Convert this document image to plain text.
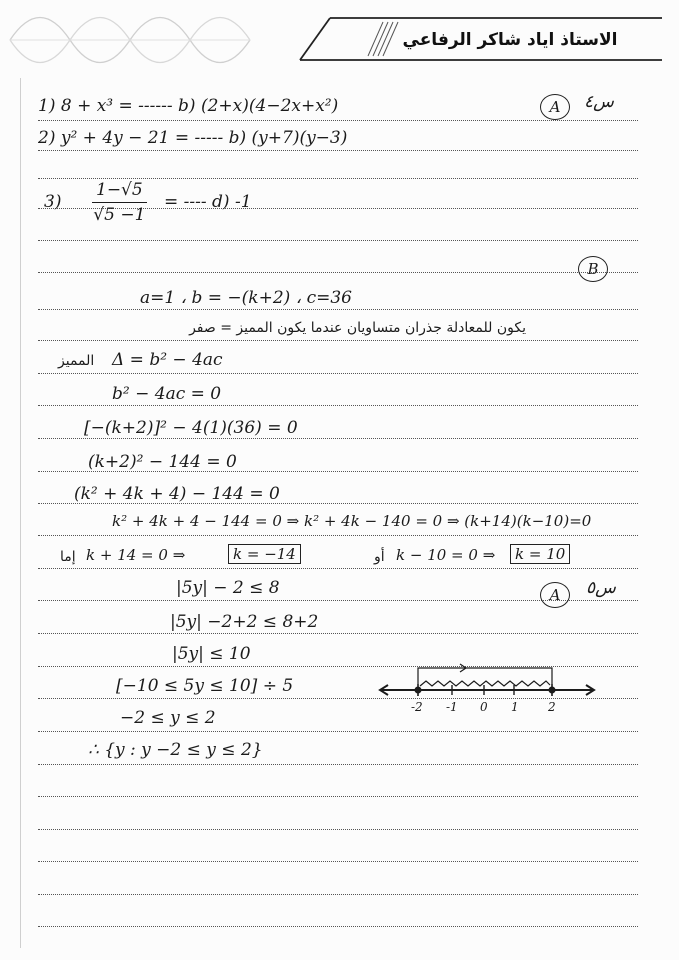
الاستاذ اياد شاكر الرفاعي
1) 8 + x³ = ------ b) (2+x)(4−2x+x²)	A	س٤
2) y² + 4y − 21 = ----- b) (y+7)(y−3)
$3) \frac{1-√5}{√5 -1}$ = ---- d) -1
B
a=1 ، b = −(k+2) ، c=36
يكون للمعادلة جذران متساويان عندما يكون المميز = صفر
المميز Δ = b² − 4ac
b² − 4ac = 0
[−(k+2)]² − 4(1)(36) = 0
(k+2)² − 144 = 0
(k² + 4k + 4) − 144 = 0
k² + 4k + 4 − 144 = 0 ⇒ k² + 4k − 140 = 0 ⇒ (k+14)(k−10)=0
إما k + 14 = 0 ⇒	k = −14	أو k − 10 = 0 ⇒	k = 10
|5y| − 2 ≤ 8	A	س٥
|5y| −2+2 ≤ 8+2
|5y| ≤ 10
[−10 ≤ 5y ≤ 10] ÷ 5
−2 ≤ y ≤ 2
∴ {y : y −2 ≤ y ≤ 2}
-2 -1 0 1 2
